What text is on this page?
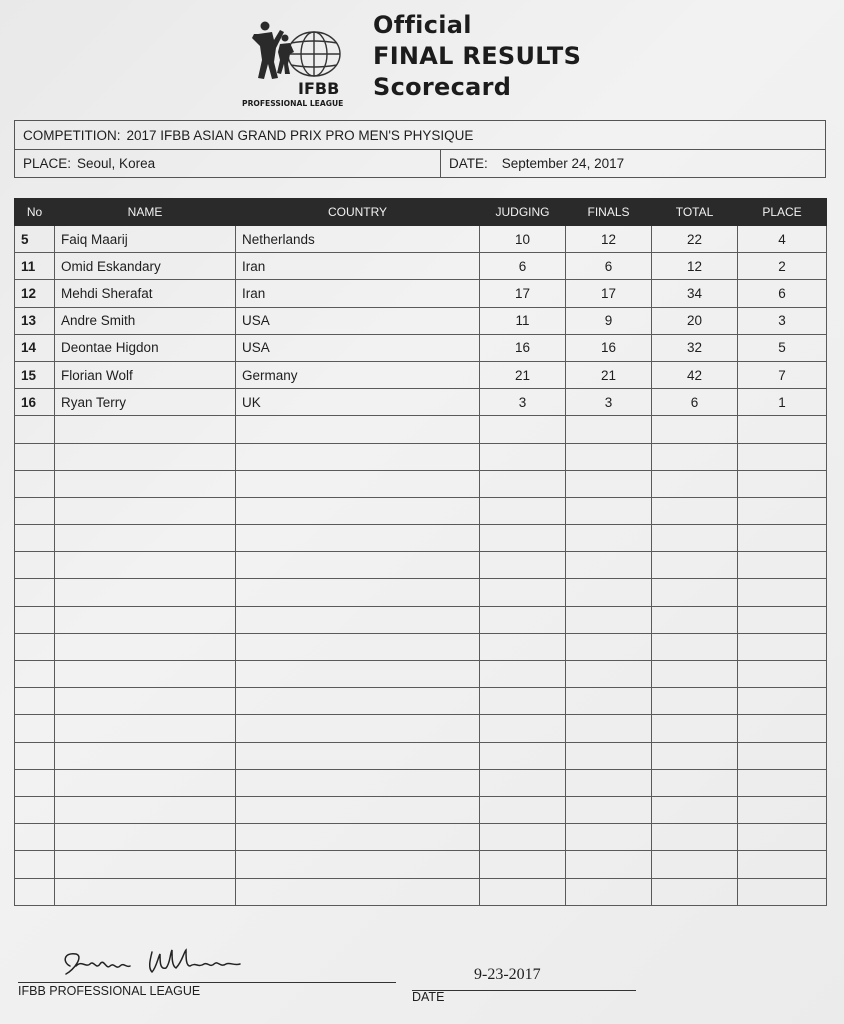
IFBB
PROFESSIONAL LEAGUE
Official
FINAL RESULTS
Scorecard
COMPETITION: 2017 IFBB ASIAN GRAND PRIX PRO MEN'S PHYSIQUE
PLACE: Seoul, Korea	DATE: September 24, 2017
No	NAME	COUNTRY	JUDGING	FINALS	TOTAL	PLACE
5	Faiq Maarij	Netherlands	10	12	22	4
11	Omid Eskandary	Iran	6	6	12	2
12	Mehdi Sherafat	Iran	17	17	34	6
13	Andre Smith	USA	11	9	20	3
14	Deontae Higdon	USA	16	16	32	5
15	Florian Wolf	Germany	21	21	42	7
16	Ryan Terry	UK	3	3	6	1

IFBB PROFESSIONAL LEAGUE
9-23-2017
DATE
